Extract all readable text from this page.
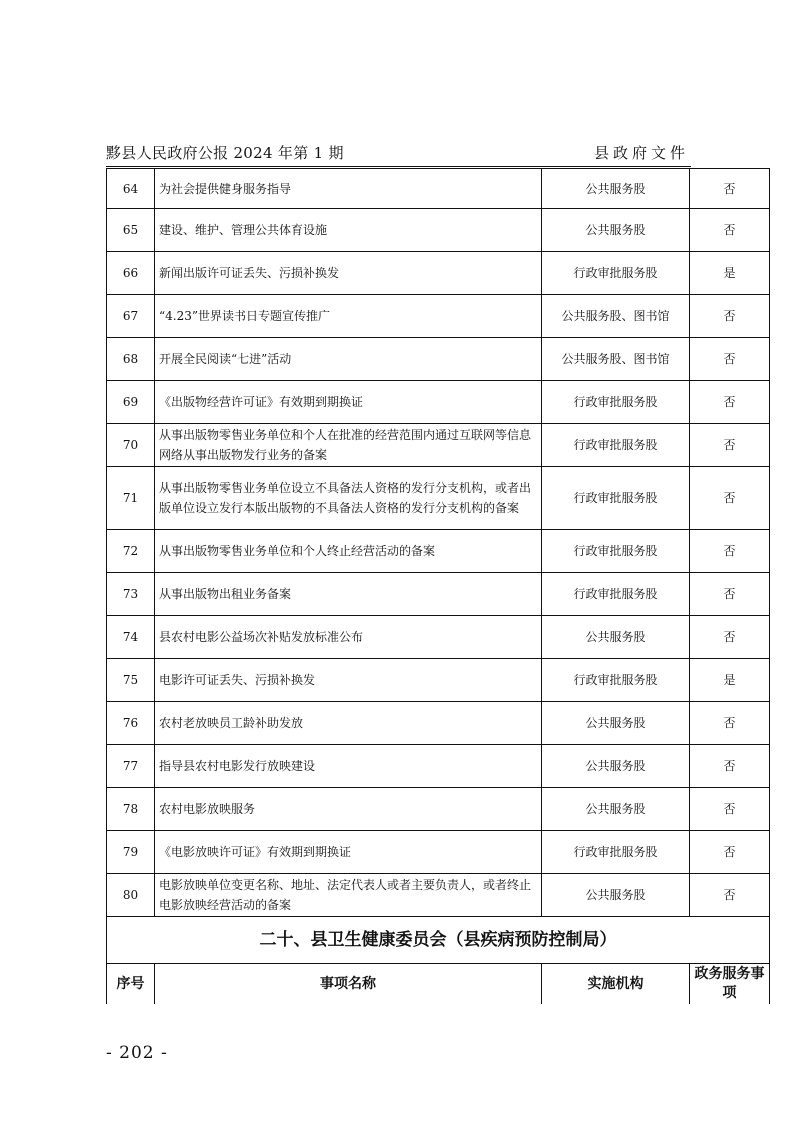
黟县人民政府公报 2024 年第 1 期	县政府文件
64	为社会提供健身服务指导	公共服务股	否
65	建设、维护、管理公共体育设施	公共服务股	否
66	新闻出版许可证丢失、污损补换发	行政审批服务股	是
67	“4.23”世界读书日专题宣传推广	公共服务股、图书馆	否
68	开展全民阅读“七进”活动	公共服务股、图书馆	否
69	《出版物经营许可证》有效期到期换证	行政审批服务股	否
70	从事出版物零售业务单位和个人在批准的经营范围内通过互联网等信息网络从事出版物发行业务的备案	行政审批服务股	否
71	从事出版物零售业务单位设立不具备法人资格的发行分支机构，或者出版单位设立发行本版出版物的不具备法人资格的发行分支机构的备案	行政审批服务股	否
72	从事出版物零售业务单位和个人终止经营活动的备案	行政审批服务股	否
73	从事出版物出租业务备案	行政审批服务股	否
74	县农村电影公益场次补贴发放标准公布	公共服务股	否
75	电影许可证丢失、污损补换发	行政审批服务股	是
76	农村老放映员工龄补助发放	公共服务股	否
77	指导县农村电影发行放映建设	公共服务股	否
78	农村电影放映服务	公共服务股	否
79	《电影放映许可证》有效期到期换证	行政审批服务股	否
80	电影放映单位变更名称、地址、法定代表人或者主要负责人，或者终止电影放映经营活动的备案	公共服务股	否
二十、县卫生健康委员会（县疾病预防控制局）			
序号	事项名称	实施机构	政务服务事项
- 202 -
